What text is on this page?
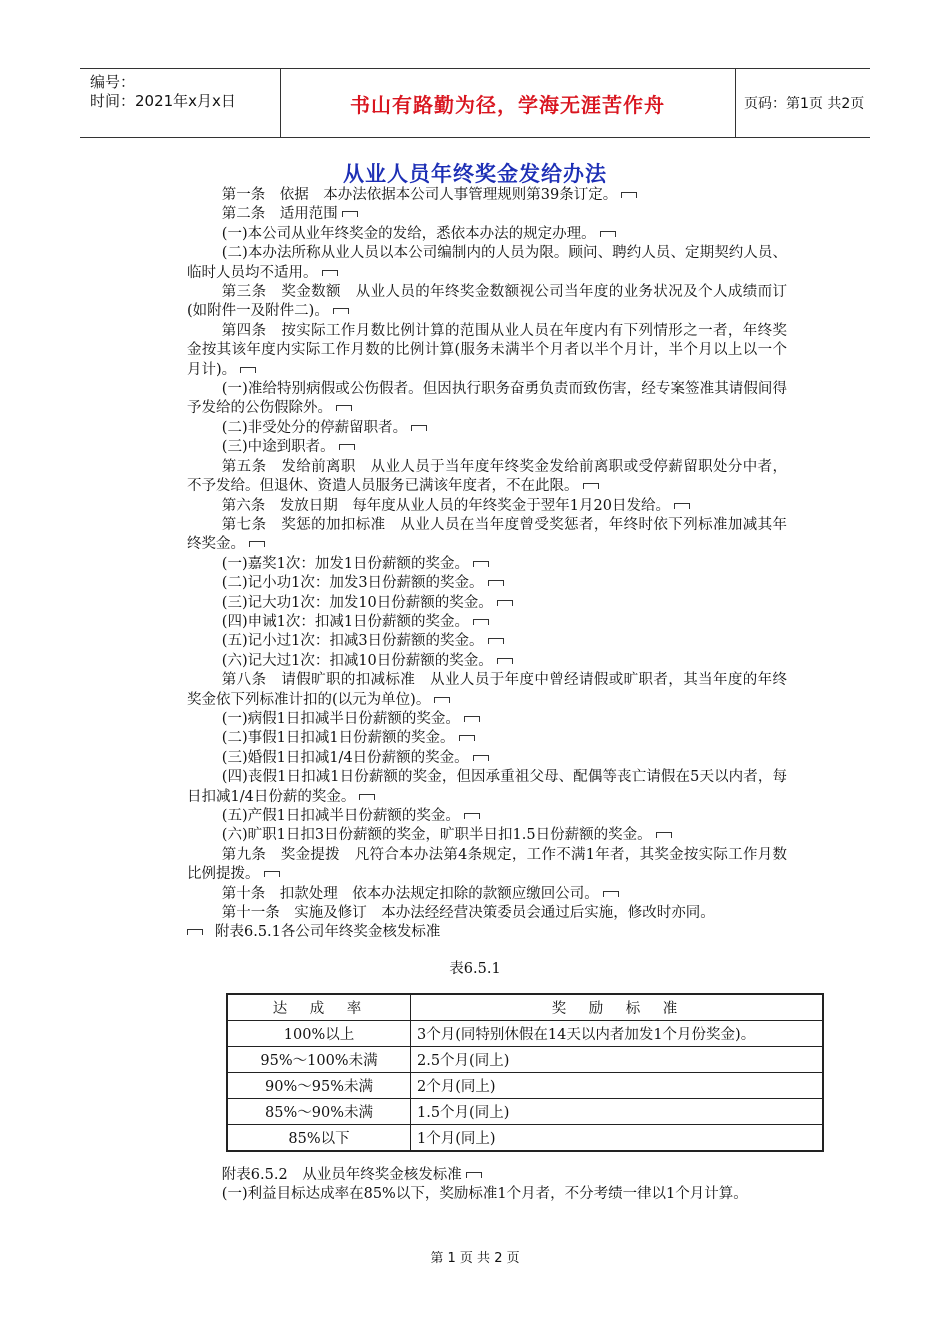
编号：
时间：2021年x月x日	书山有路勤为径，学海无涯苦作舟	页码：第1页 共2页
从业人员年终奖金发给办法

第一条　依据　本办法依据本公司人事管理规则第39条订定。

第二条　适用范围

(一)本公司从业年终奖金的发给，悉依本办法的规定办理。

(二)本办法所称从业人员以本公司编制内的人员为限。顾问、聘约人员、定期契约人员、临时人员均不适用。

第三条　奖金数额　从业人员的年终奖金数额视公司当年度的业务状况及个人成绩而订(如附件一及附件二)。

第四条　按实际工作月数比例计算的范围从业人员在年度内有下列情形之一者，年终奖金按其该年度内实际工作月数的比例计算(服务未满半个月者以半个月计，半个月以上以一个月计)。

(一)准给特别病假或公伤假者。但因执行职务奋勇负责而致伤害，经专案签准其请假间得予发给的公伤假除外。

(二)非受处分的停薪留职者。

(三)中途到职者。

第五条　发给前离职　从业人员于当年度年终奖金发给前离职或受停薪留职处分中者，不予发给。但退休、资遣人员服务已满该年度者，不在此限。

第六条　发放日期　每年度从业人员的年终奖金于翌年1月20日发给。

第七条　奖惩的加扣标准　从业人员在当年度曾受奖惩者，年终时依下列标准加减其年终奖金。

(一)嘉奖1次：加发1日份薪额的奖金。

(二)记小功1次：加发3日份薪额的奖金。

(三)记大功1次：加发10日份薪额的奖金。

(四)申诫1次：扣减1日份薪额的奖金。

(五)记小过1次：扣减3日份薪额的奖金。

(六)记大过1次：扣减10日份薪额的奖金。

第八条　请假旷职的扣减标准　从业人员于年度中曾经请假或旷职者，其当年度的年终奖金依下列标准计扣的(以元为单位)。

(一)病假1日扣减半日份薪额的奖金。

(二)事假1日扣减1日份薪额的奖金。

(三)婚假1日扣减1/4日份薪额的奖金。

(四)丧假1日扣减1日份薪额的奖金，但因承重祖父母、配偶等丧亡请假在5天以内者，每日扣减1/4日份薪的奖金。

(五)产假1日扣减半日份薪额的奖金。

(六)旷职1日扣3日份薪额的奖金，旷职半日扣1.5日份薪额的奖金。

第九条　奖金提拨　凡符合本办法第4条规定，工作不满1年者，其奖金按实际工作月数比例提拨。

第十条　扣款处理　依本办法规定扣除的款额应缴回公司。

第十一条　实施及修订　本办法经经营决策委员会通过后实施，修改时亦同。

附表6.5.1各公司年终奖金核发标准

表6.5.1
达　成　率	奖　励　标　准
100%以上	3个月(同特别休假在14天以内者加发1个月份奖金)。
95%～100%未满	2.5个月(同上)
90%～95%未满	2个月(同上)
85%～90%未满	1.5个月(同上)
85%以下	1个月(同上)

附表6.5.2　从业员年终奖金核发标准

(一)利益目标达成率在85%以下，奖励标准1个月者，不分考绩一律以1个月计算。

第 1 页 共 2 页
